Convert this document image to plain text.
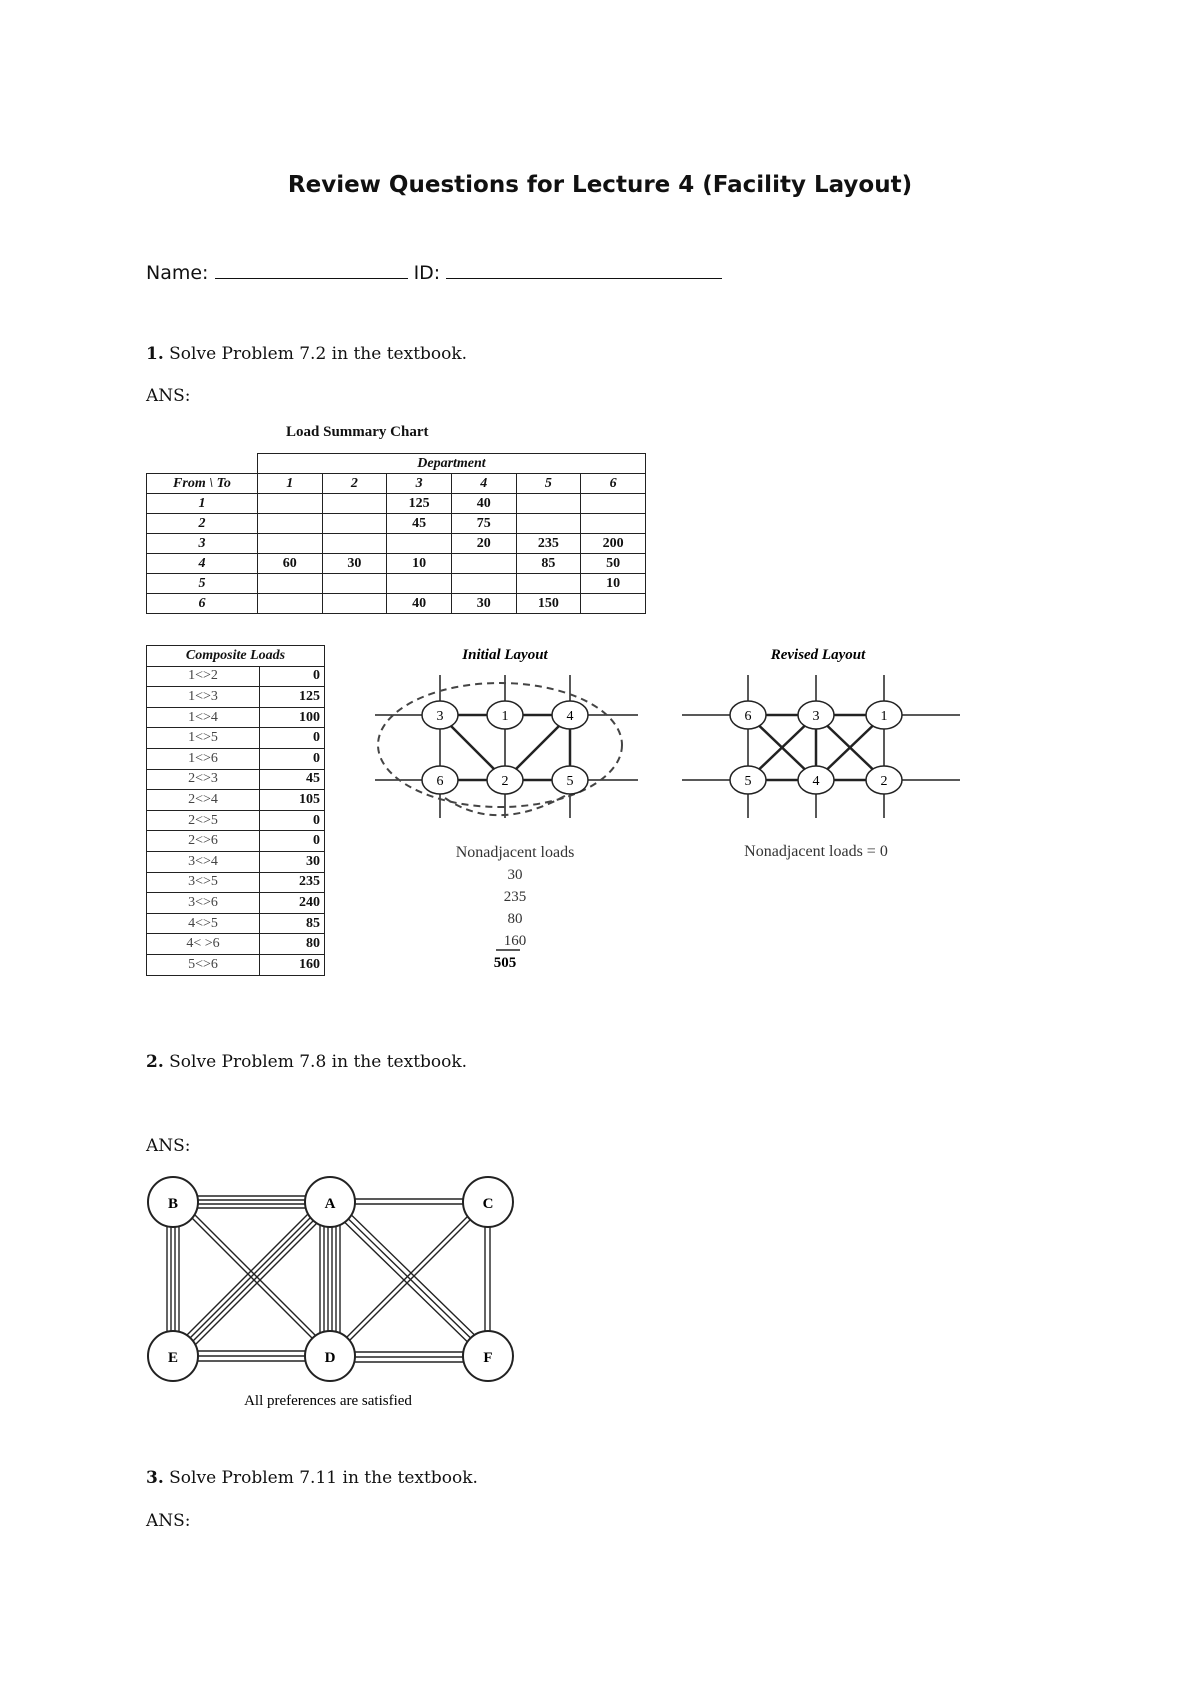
Review Questions for Lecture 4 (Facility Layout)
Name:	ID:
1. Solve Problem 7.2 in the textbook.
ANS:
Load Summary Chart
	Department					
From \ To	1	2	3	4	5	6
1			125	40		
2			45	75		
3				20	235	200
4	60	30	10		85	50
5						10
6			40	30	150	
Composite Loads	
1<>2	0
1<>3	125
1<>4	100
1<>5	0
1<>6	0
2<>3	45
2<>4	105
2<>5	0
2<>6	0
3<>4	30
3<>5	235
3<>6	240
4<>5	85
4< >6	80
5<>6	160
Initial Layout
3	1	4
6	2	5
Nonadjacent loads
30
235
80
160
505
Revised Layout
6	3	1
5	4	2
Nonadjacent loads = 0
2. Solve Problem 7.8 in the textbook.
ANS:
B	A	C
E	D	F
All preferences are satisfied
3. Solve Problem 7.11 in the textbook.
ANS:
